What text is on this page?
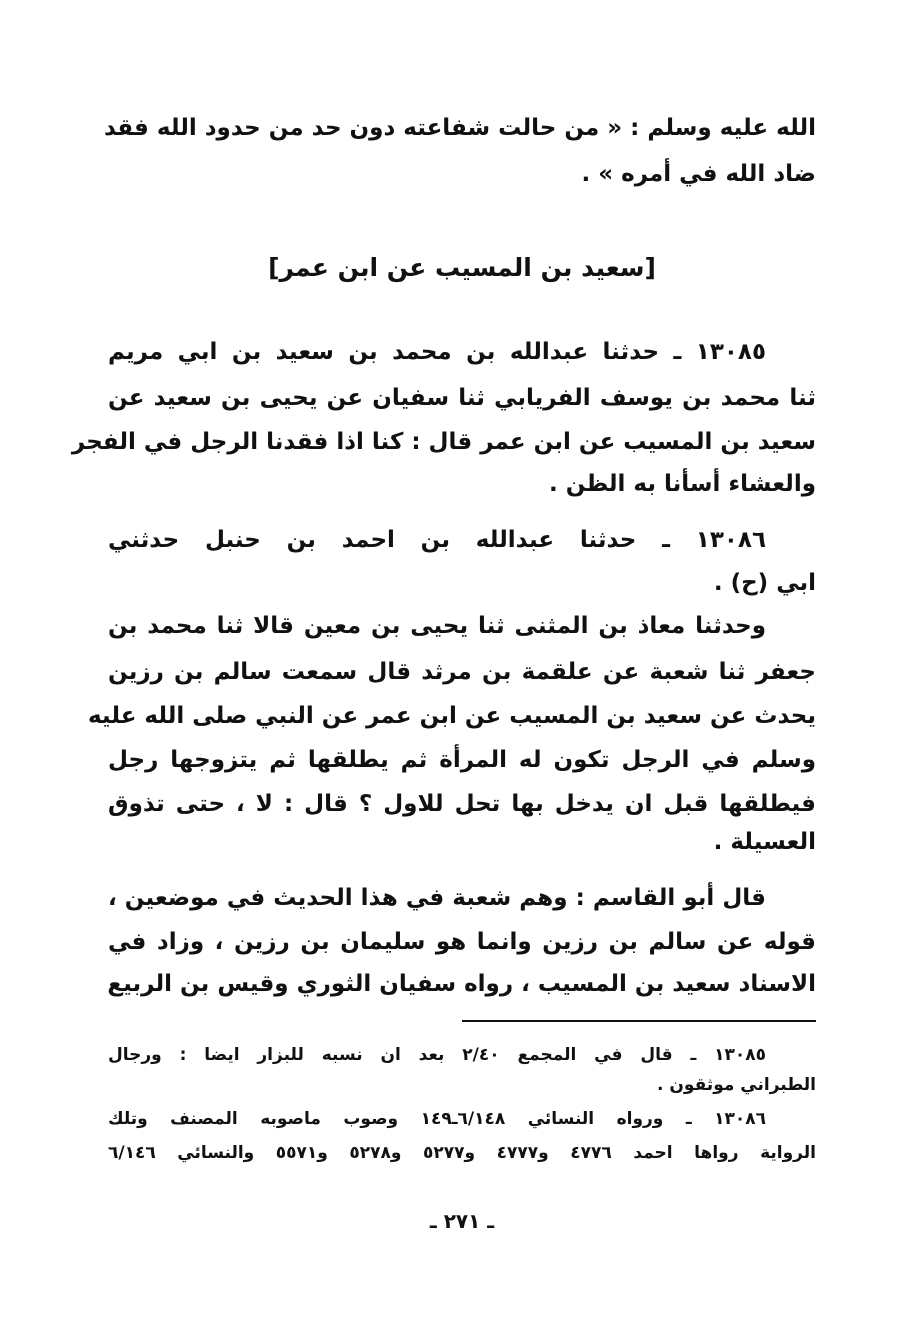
الله عليه وسلم : « من حالت شفاعته دون حد من حدود الله فقد
ضاد الله في أمره » .
[سعيد بن المسيب عن ابن عمر]
١٣٠٨٥ ـ حدثنا عبدالله بن محمد بن سعيد بن ابي مريم
ثنا محمد بن يوسف الفريابي ثنا سفيان عن يحيى بن سعيد عن
سعيد بن المسيب عن ابن عمر قال : كنا اذا فقدنا الرجل في الفجر
والعشاء أسأنا به الظن .
١٣٠٨٦ ـ حدثنا عبدالله بن احمد بن حنبل حدثني
ابي (ح) .
وحدثنا معاذ بن المثنى ثنا يحيى بن معين قالا ثنا محمد بن
جعفر ثنا شعبة عن علقمة بن مرثد قال سمعت سالم بن رزين
يحدث عن سعيد بن المسيب عن ابن عمر عن النبي صلى الله عليه
وسلم في الرجل تكون له المرأة ثم يطلقها ثم يتزوجها رجل
فيطلقها قبل ان يدخل بها تحل للاول ؟ قال : لا ، حتى تذوق
العسيلة .
قال أبو القاسم : وهم شعبة في هذا الحديث في موضعين ،
قوله عن سالم بن رزين وانما هو سليمان بن رزين ، وزاد في
الاسناد سعيد بن المسيب ، رواه سفيان الثوري وقيس بن الربيع
١٣٠٨٥ ـ قال في المجمع ٢/٤٠ بعد ان نسبه للبزار ايضا : ورجال
الطبراني موثقون .
١٣٠٨٦ ـ ورواه النسائي ٦/١٤٨ـ١٤٩ وصوب ماصوبه المصنف وتلك
الرواية رواها احمد ٤٧٧٦ و٤٧٧٧ و٥٢٧٧ و٥٢٧٨ و٥٥٧١ والنسائي ٦/١٤٦
ـ ٢٧١ ـ
